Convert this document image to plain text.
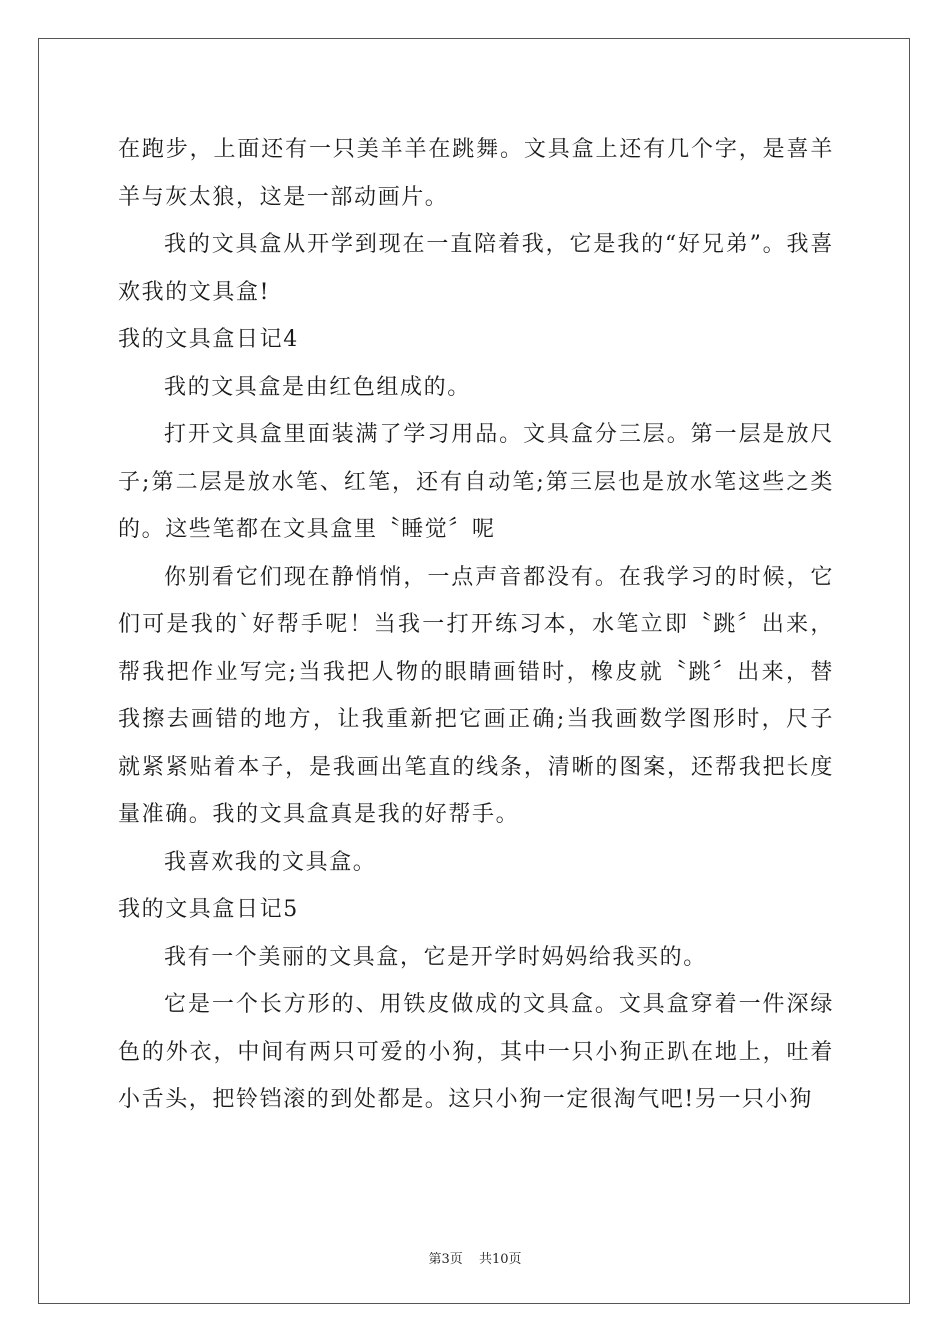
在跑步，上面还有一只美羊羊在跳舞。文具盒上还有几个字，是喜羊羊与灰太狼，这是一部动画片。

我的文具盒从开学到现在一直陪着我，它是我的“好兄弟”。我喜欢我的文具盒!

我的文具盒日记4

我的文具盒是由红色组成的。

打开文具盒里面装满了学习用品。文具盒分三层。第一层是放尺子;第二层是放水笔、红笔，还有自动笔;第三层也是放水笔这些之类的。这些笔都在文具盒里〝睡觉〞呢

你别看它们现在静悄悄，一点声音都没有。在我学习的时候，它们可是我的`好帮手呢！当我一打开练习本，水笔立即〝跳〞出来，帮我把作业写完;当我把人物的眼睛画错时，橡皮就〝跳〞出来，替我擦去画错的地方，让我重新把它画正确;当我画数学图形时，尺子就紧紧贴着本子，是我画出笔直的线条，清晰的图案，还帮我把长度量准确。我的文具盒真是我的好帮手。

我喜欢我的文具盒。

我的文具盒日记5

我有一个美丽的文具盒，它是开学时妈妈给我买的。

它是一个长方形的、用铁皮做成的文具盒。文具盒穿着一件深绿色的外衣，中间有两只可爱的小狗，其中一只小狗正趴在地上，吐着小舌头，把铃铛滚的到处都是。这只小狗一定很淘气吧!另一只小狗

第3页 共10页
